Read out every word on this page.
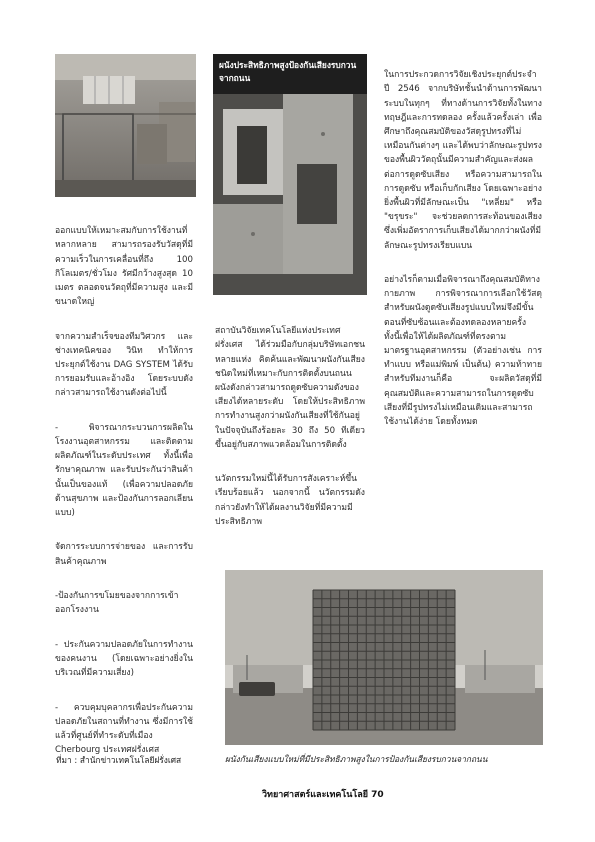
ผนังประสิทธิภาพสูงป้องกันเสียงรบกวนจากถนน

ออกแบบให้เหมาะสมกับการใช้งานที่หลากหลาย สามารถรองรับวัสดุที่มีความเร็วในการเคลื่อนที่ถึง 100 กิโลเมตร/ชั่วโมง รัศมีกว้างสูงสุด 10 เมตร ตลอดจนวัตถุที่มีความสูง และมีขนาดใหญ่

จากความสำเร็จของทีมวิศวกร และช่างเทคนิคของ วินิท ทำให้การประยุกต์ใช้งาน DAG SYSTEM ได้รับการยอมรับและอ้างอิง โดยระบบดังกล่าวสามารถใช้งานดังต่อไปนี้

- พิจารณากระบวนการผลิตในโรงงานอุตสาหกรรม และติดตามผลิตภัณฑ์ในระดับประเทศ ทั้งนี้เพื่อรักษาคุณภาพ และรับประกันว่าสินค้านั้นเป็นของแท้ (เพื่อความปลอดภัยด้านสุขภาพ และป้องกันการลอกเลียนแบบ)

จัดการระบบการจ่ายของ และการรับสินค้าคุณภาพ

-ป้องกันการขโมยของจากการเข้าออกโรงงาน

- ประกันความปลอดภัยในการทำงานของคนงาน (โดยเฉพาะอย่างยิ่งในบริเวณที่มีความเสี่ยง)

- ควบคุมบุคลากรเพื่อประกันความปลอดภัยในสถานที่ทำงาน ซึ่งมีการใช้แล้วที่ศูนย์ที่ทำระดับที่เมือง Cherbourg ประเทศฝรั่งเศส

สถาบันวิจัยเทคโนโลยีแห่งประเทศฝรั่งเศส ได้ร่วมมือกับกลุ่มบริษัทเอกชนหลายแห่ง คิดค้นและพัฒนาผนังกันเสียงชนิดใหม่ที่เหมาะกับการติดตั้งบนถนน ผนังดังกล่าวสามารถดูดซับความดังของเสียงได้หลายระดับ โดยให้ประสิทธิภาพการทำงานสูงกว่าผนังกันเสียงที่ใช้กันอยู่ในปัจจุบันถึงร้อยละ 30 ถึง 50 ทีเดียว ขึ้นอยู่กับสภาพแวดล้อมในการติดตั้ง

นวัตกรรมใหม่นี้ได้รับการสังเคราะห์ขึ้นเรียบร้อยแล้ว นอกจากนี้ นวัตกรรมดังกล่าวยังทำให้ได้ผลงานวิจัยที่มีความมีประสิทธิภาพ

ในการประกวดการวิจัยเชิงประยุกต์ประจำปี 2546 จากบริษัทชั้นนำด้านการพัฒนาระบบในทุกๆ ที่ทางด้านการวิจัยทั้งในทางทฤษฎีและการทดลอง ครั้งแล้วครั้งเล่า เพื่อศึกษาถึงคุณสมบัติของวัสดุรูปทรงที่ไม่เหมือนกันต่างๆ และได้พบว่าลักษณะรูปทรงของพื้นผิววัตถุนั้นมีความสำคัญและส่งผลต่อการดูดซับเสียง หรือความสามารถในการดูดซับ หรือเก็บกักเสียง โดยเฉพาะอย่างยิ่งพื้นผิวที่มีลักษณะเป็น "เหลี่ยม" หรือ "ขรุขระ" จะช่วยลดการสะท้อนของเสียง ซึ่งเพิ่มอัตราการเก็บเสียงได้มากกว่าผนังที่มีลักษณะรูปทรงเรียบแบน

อย่างไรก็ตามเมื่อพิจารณาถึงคุณสมบัติทางกายภาพ การพิจารณาการเลือกใช้วัสดุสำหรับผนังดูดซับเสียงรูปแบบใหม่จึงมีขั้นตอนที่ซับซ้อนและต้องทดลองหลายครั้ง ทั้งนี้เพื่อให้ได้ผลิตภัณฑ์ที่ตรงตามมาตรฐานอุตสาหกรรม (ตัวอย่างเช่น การทำแบบ หรือแม่พิมพ์ เป็นต้น) ความท้าทายสำหรับทีมงานก็คือ จะผลิตวัสดุที่มีคุณสมบัติและความสามารถในการดูดซับเสียงที่มีรูปทรงไม่เหมือนเดิมและสามารถใช้งานได้ง่าย โดยทั้งหมด

ผนังกันเสียงแบบใหม่ที่มีประสิทธิภาพสูงในการป้องกันเสียงรบกวนจากถนน
ที่มา : สำนักข่าวเทคโนโลยีฝรั่งเศส
วิทยาศาสตร์และเทคโนโลยี 70
